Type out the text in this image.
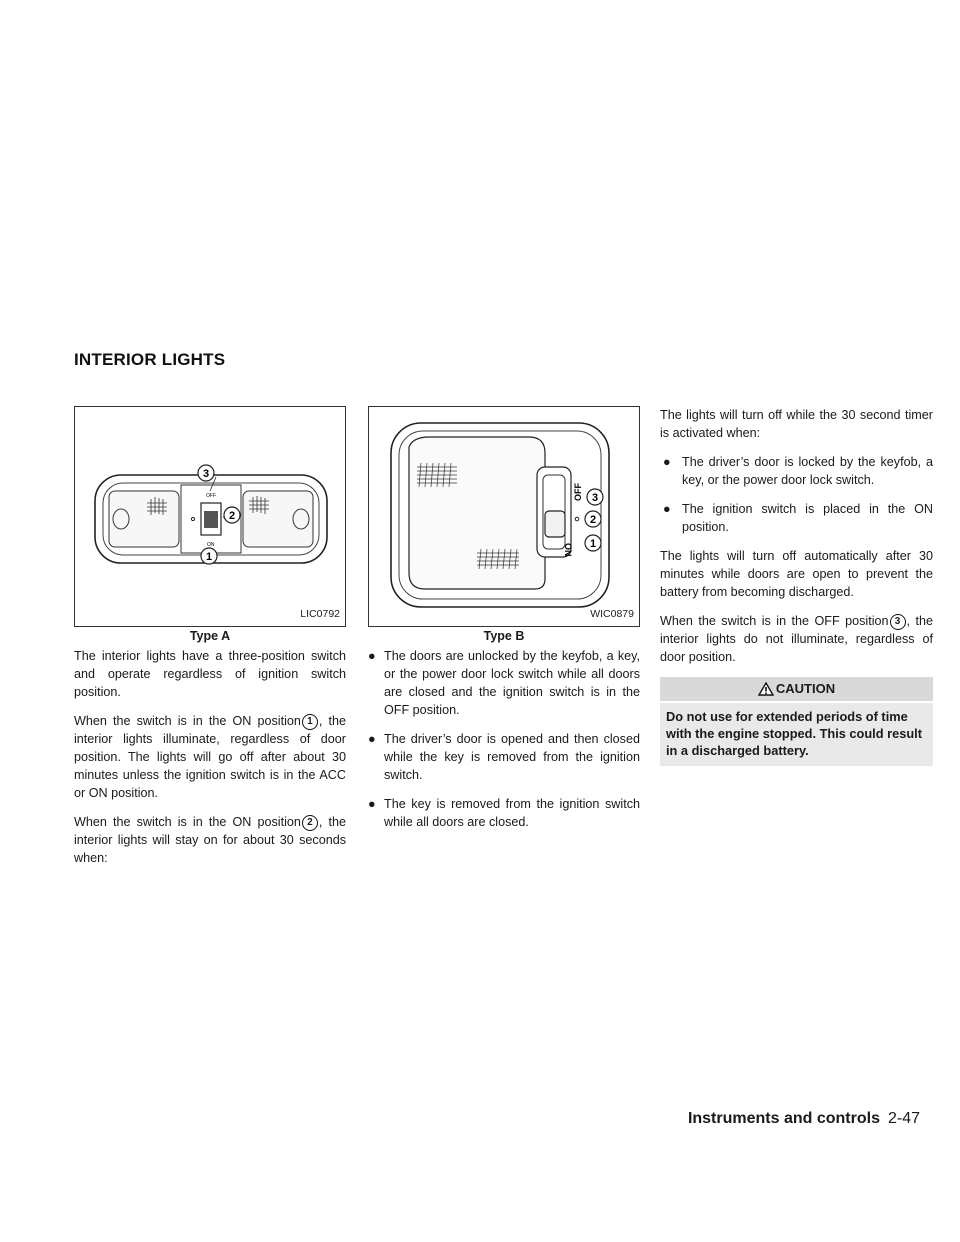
INTERIOR LIGHTS
OFF
ON
3
2
1
LIC0792
Type A

The interior lights have a three-position switch and operate regardless of ignition switch position.

When the switch is in the ON position 1 , the interior lights illuminate, regardless of door position. The lights will go off after about 30 minutes unless the ignition switch is in the ACC or ON position.

When the switch is in the ON position 2 , the interior lights will stay on for about 30 seconds when:

OFF
ON
3
2
1
WIC0879
Type B
● The doors are unlocked by the keyfob, a key, or the power door lock switch while all doors are closed and the ignition switch is in the OFF position.
● The driver’s door is opened and then closed while the key is removed from the ignition switch.
● The key is removed from the ignition switch while all doors are closed.

The lights will turn off while the 30 second timer is activated when:

● The driver’s door is locked by the keyfob, a key, or the power door lock switch.
● The ignition switch is placed in the ON position.

The lights will turn off automatically after 30 minutes while doors are open to prevent the battery from becoming discharged.

When the switch is in the OFF position 3 , the interior lights do not illuminate, regardless of door position.

CAUTION
Do not use for extended periods of time with the engine stopped. This could result in a discharged battery.
Instruments and controls 2-47
